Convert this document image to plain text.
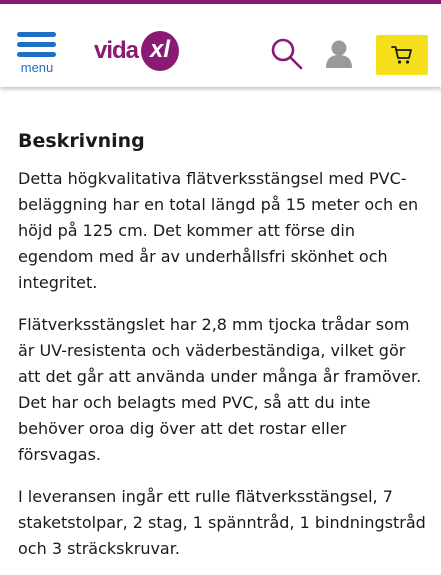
menu
vida xl
Beskrivning

Detta högkvalitativa flätverksstängsel med PVC-beläggning har en total längd på 15 meter och en höjd på 125 cm. Det kommer att förse din egendom med år av underhållsfri skönhet och integritet.

Flätverksstängslet har 2,8 mm tjocka trådar som är UV-resistenta och väderbeständiga, vilket gör att det går att använda under många år framöver. Det har och belagts med PVC, så att du inte behöver oroa dig över att det rostar eller försvagas.

I leveransen ingår ett rulle flätverksstängsel, 7 staketstolpar, 2 stag, 1 spänntråd, 1 bindningstråd och 3 sträckskruvar.
